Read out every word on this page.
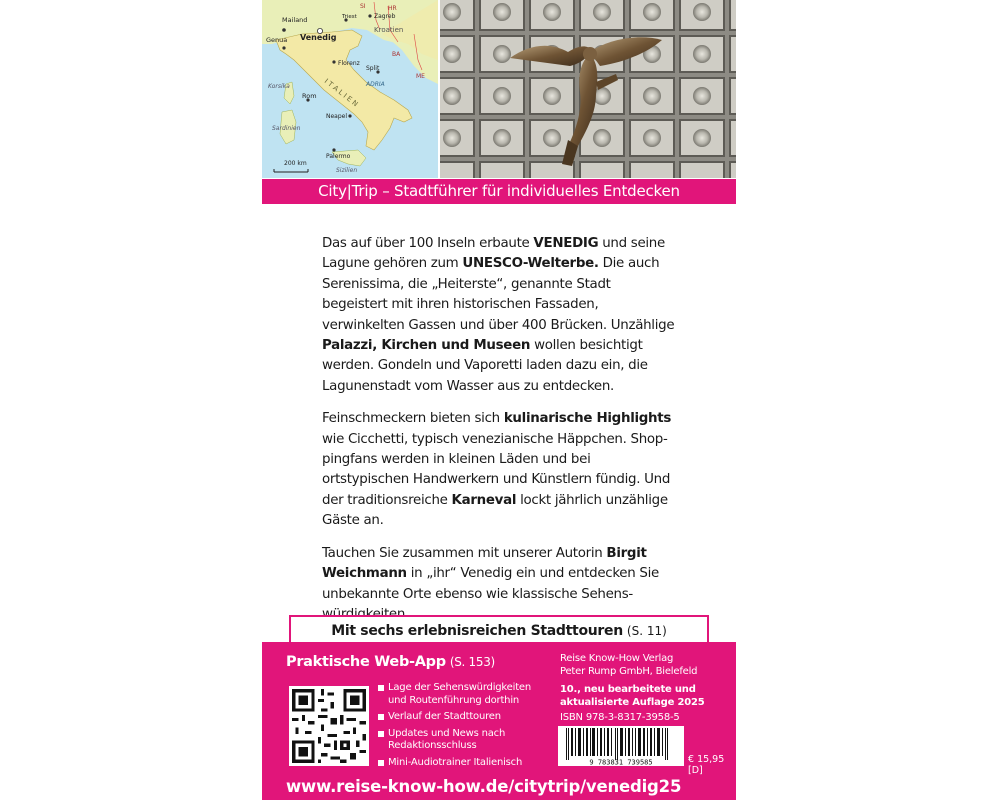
Mailand	Triest	Zagreb
SI	HR
Kroatien
Genua Venedig
Florenz
BA
Split
I T A L I E N
Korsika	ADRIA
ME
Rom
Neapel
Sardinien
Palermo
Sizilien
200 km
City|Trip – Stadtführer für individuelles Entdecken

Das auf über 100 Inseln erbaute VENEDIG und seine Lagune gehören zum UNESCO-Welterbe. Die auch Serenissima, die „Heiterste“, genannte Stadt begeistert mit ihren historischen Fassaden, verwinkelten Gassen und über 400 Brücken. Unzählige Palazzi, Kirchen und Museen wollen besichtigt werden. Gondeln und Vaporetti laden dazu ein, die Lagunenstadt vom Wasser aus zu entdecken.

Feinschmeckern bieten sich kulinarische Highlights wie Cicchetti, typisch venezianische Häppchen. Shoppingfans werden in kleinen Läden und bei ortstypischen Handwerkern und Künstlern fündig. Und der traditionsreiche Karneval lockt jährlich unzählige Gäste an.

Tauchen Sie zusammen mit unserer Autorin Birgit Weichmann in „ihr“ Venedig ein und entdecken Sie unbekannte Orte ebenso wie klassische Sehens

Mit sechs erlebnisreichen Stadttouren (S. 11)
Praktische Web-App (S. 153)
Lage der Sehenswürdigkeiten und Routenführung dorthin
Verlauf der Stadttouren
Updates und News nach Redaktionsschluss
Mini-Audiotrainer Italienisch
Reise Know-How Verlag
Peter Rump GmbH, Bielefeld
10., neu bearbeitete und
aktualisierte Auflage 2025
ISBN 978-3-8317-3958-5
9 783831 739585	€ 15,95 [D]
www.reise-know-how.de/citytrip/venedig25
